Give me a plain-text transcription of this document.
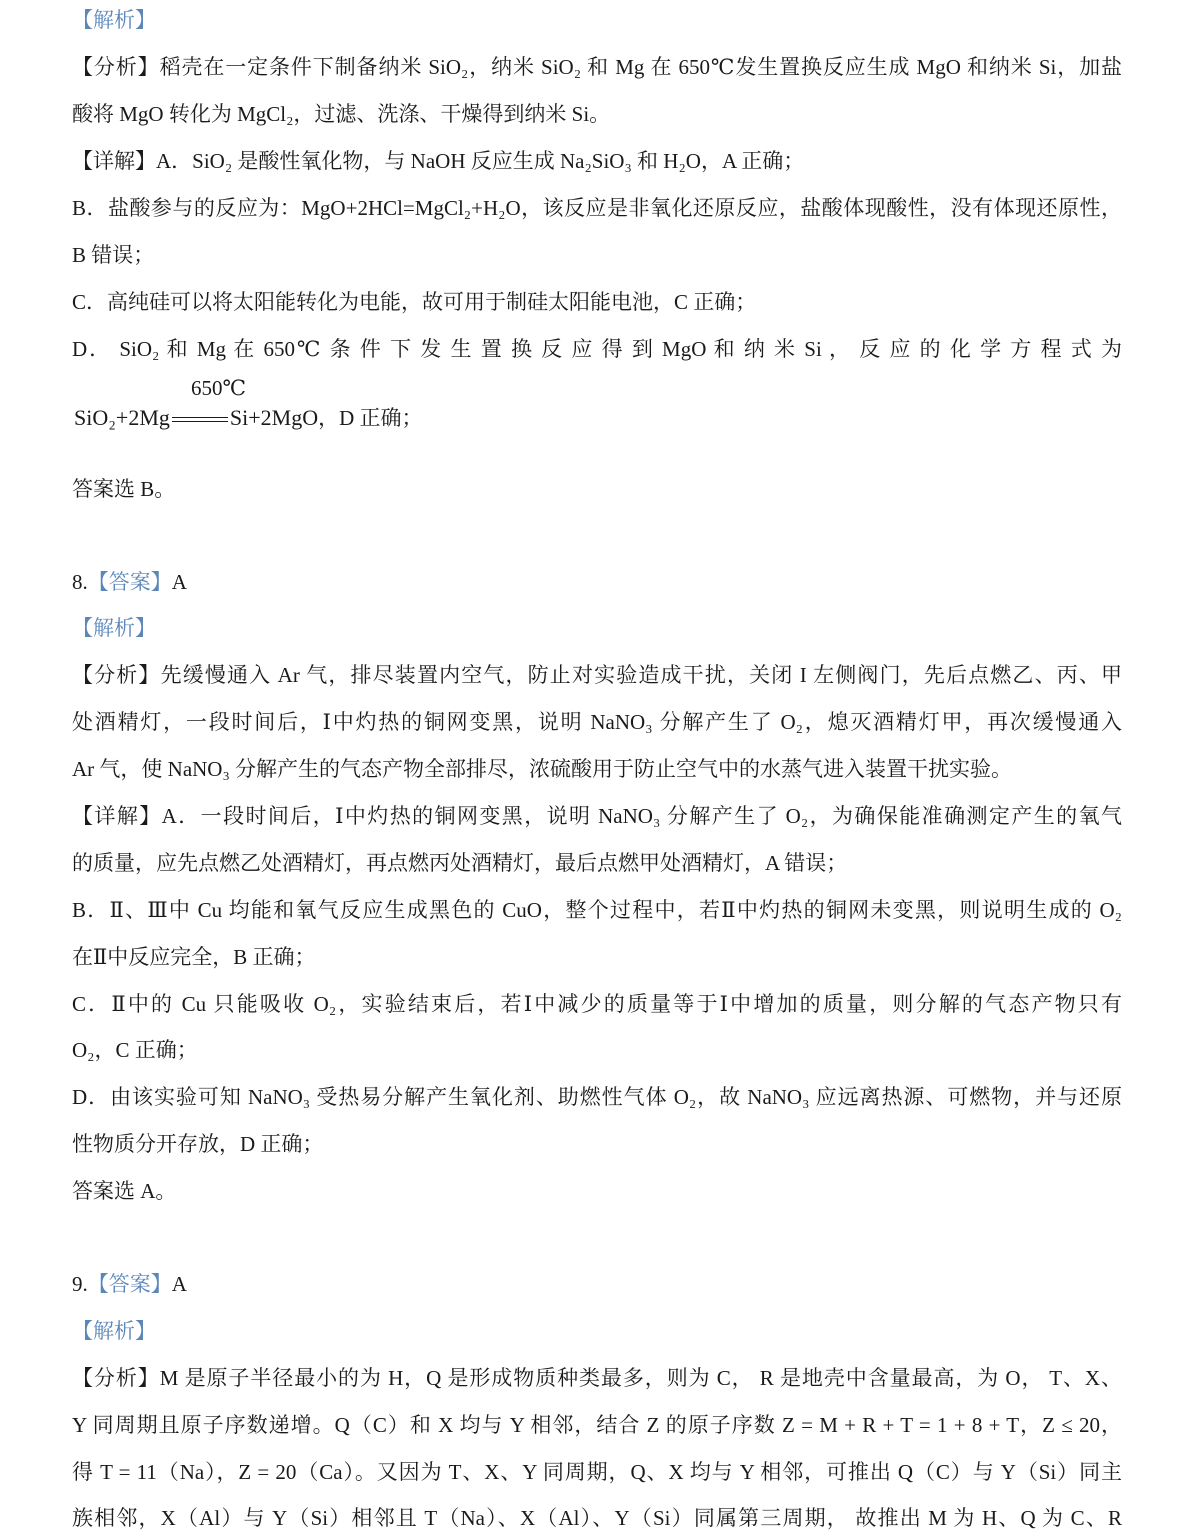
【解析】
【分析】稻壳在一定条件下制备纳米 SiO₂，纳米 SiO₂ 和 Mg 在 650℃发生置换反应生成 MgO 和纳米 Si，加盐
酸将 MgO 转化为 MgCl₂，过滤、洗涤、干燥得到纳米 Si。
【详解】A．SiO₂ 是酸性氧化物，与 NaOH 反应生成 Na₂SiO₃ 和 H₂O，A 正确；
B．盐酸参与的反应为：MgO+2HCl=MgCl₂+H₂O，该反应是非氧化还原反应，盐酸体现酸性，没有体现还原性，
B 错误；
C．高纯硅可以将太阳能转化为电能，故可用于制硅太阳能电池，C 正确；
D． SiO₂ 和 Mg 在 650℃ 条 件 下 发 生 置 换 反 应 得 到 MgO 和 纳 米 Si ， 反 应 的 化 学 方 程 式 为
SiO₂+2Mg
650℃
Si+2MgO，D 正确；
答案选 B。
8.【答案】A
【解析】
【分析】先缓慢通入 Ar 气，排尽装置内空气，防止对实验造成干扰，关闭 I 左侧阀门，先后点燃乙、丙、甲
处酒精灯，一段时间后，Ⅰ中灼热的铜网变黑，说明 NaNO₃ 分解产生了 O₂，熄灭酒精灯甲，再次缓慢通入
Ar 气，使 NaNO₃ 分解产生的气态产物全部排尽，浓硫酸用于防止空气中的水蒸气进入装置干扰实验。
【详解】A．一段时间后，Ⅰ中灼热的铜网变黑，说明 NaNO₃ 分解产生了 O₂，为确保能准确测定产生的氧气
的质量，应先点燃乙处酒精灯，再点燃丙处酒精灯，最后点燃甲处酒精灯，A 错误；
B．Ⅱ、Ⅲ中 Cu 均能和氧气反应生成黑色的 CuO，整个过程中，若Ⅱ中灼热的铜网未变黑，则说明生成的 O₂
在Ⅱ中反应完全，B 正确；
C．Ⅱ中的 Cu 只能吸收 O₂，实验结束后，若Ⅰ中减少的质量等于Ⅰ中增加的质量，则分解的气态产物只有
O₂，C 正确；
D．由该实验可知 NaNO₃ 受热易分解产生氧化剂、助燃性气体 O₂，故 NaNO₃ 应远离热源、可燃物，并与还原
性物质分开存放，D 正确；
答案选 A。
9.【答案】A
【解析】
【分析】M 是原子半径最小的为 H，Q 是形成物质种类最多，则为 C， R 是地壳中含量最高，为 O， T、X、
Y 同周期且原子序数递增。Q（C）和 X 均与 Y 相邻，结合 Z 的原子序数 Z = M + R + T = 1 + 8 + T，Z ≤ 20，
得 T = 11（Na），Z = 20（Ca）。又因为 T、X、Y 同周期，Q、X 均与 Y 相邻，可推出 Q（C）与 Y（Si）同主
族相邻，X（Al）与 Y（Si）相邻且 T（Na）、X（Al）、Y（Si）同属第三周期， 故推出 M 为 H、Q 为 C、R
